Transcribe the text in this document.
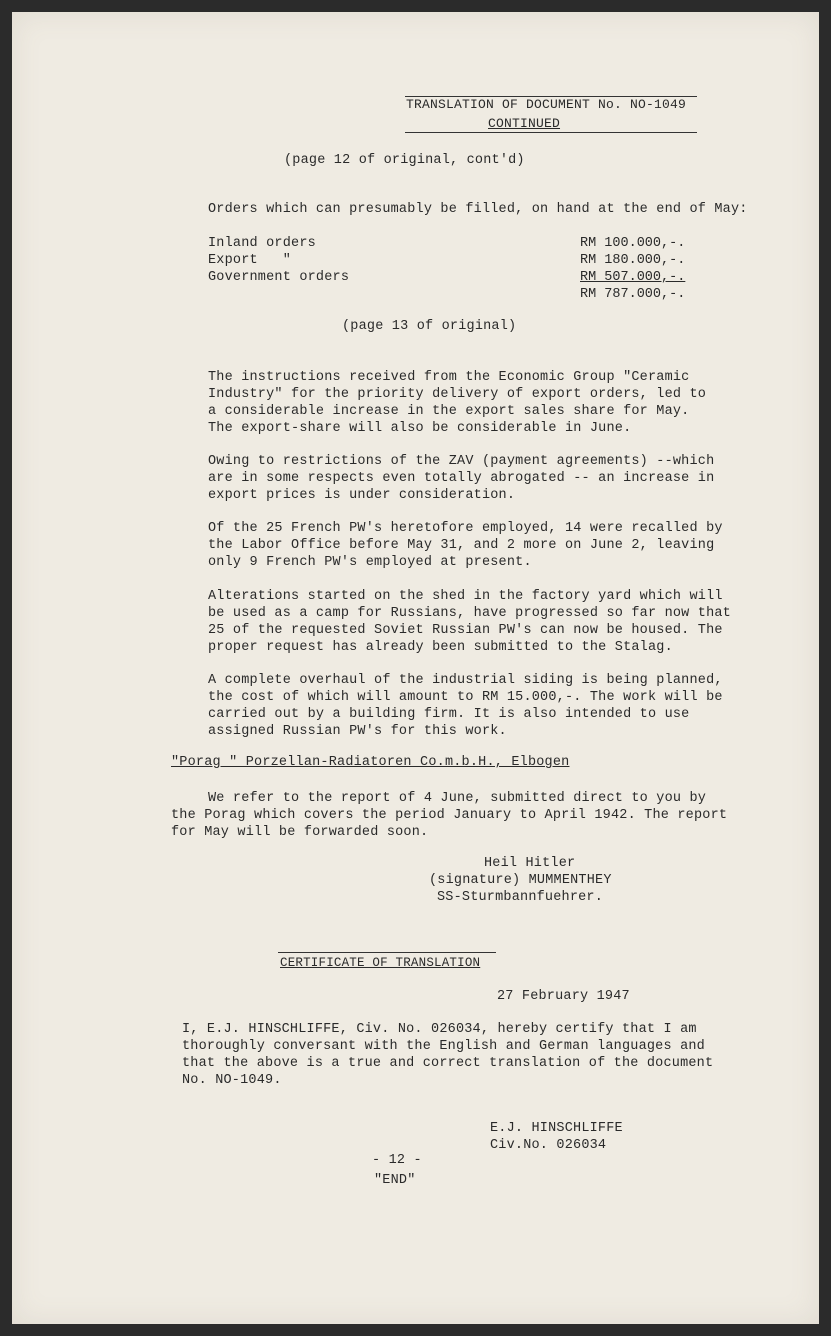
TRANSLATION OF DOCUMENT No. NO-1049
CONTINUED
(page 12 of original, cont'd)
Orders which can presumably be filled, on hand at the end of May:
Inland orders
Export   "
Government orders
RM 100.000,-.
RM 180.000,-.
RM 507.000,-.
RM 787.000,-.
(page 13 of original)
The instructions received from the Economic Group "Ceramic
Industry" for the priority delivery of export orders, led to
a considerable increase in the export sales share for May.
The export-share will also be considerable in June.
Owing to restrictions of the ZAV (payment agreements) --which
are in some respects even totally abrogated -- an increase in
export prices is under consideration.
Of the 25 French PW's heretofore employed, 14 were recalled by
the Labor Office before May 31, and 2 more on June 2, leaving
only 9 French PW's employed at present.
Alterations started on the shed in the factory yard which will
be used as a camp for Russians, have progressed so far now that
25 of the requested Soviet Russian PW's can now be housed. The
proper request has already been submitted to the Stalag.
A complete overhaul of the industrial siding is being planned,
the cost of which will amount to RM 15.000,-. The work will be
carried out by a building firm. It is also intended to use
assigned Russian PW's for this work.
"Porag " Porzellan-Radiatoren Co.m.b.H., Elbogen
We refer to the report of 4 June, submitted direct to you by
the Porag which covers the period January to April 1942. The report
for May will be forwarded soon.
Heil Hitler
(signature) MUMMENTHEY
SS-Sturmbannfuehrer.
CERTIFICATE OF TRANSLATION
27 February 1947
I, E.J. HINSCHLIFFE, Civ. No. 026034, hereby certify that I am
thoroughly conversant with the English and German languages and
that the above is a true and correct translation of the document
No. NO-1049.
E.J. HINSCHLIFFE
Civ.No. 026034
- 12 -
"END"
